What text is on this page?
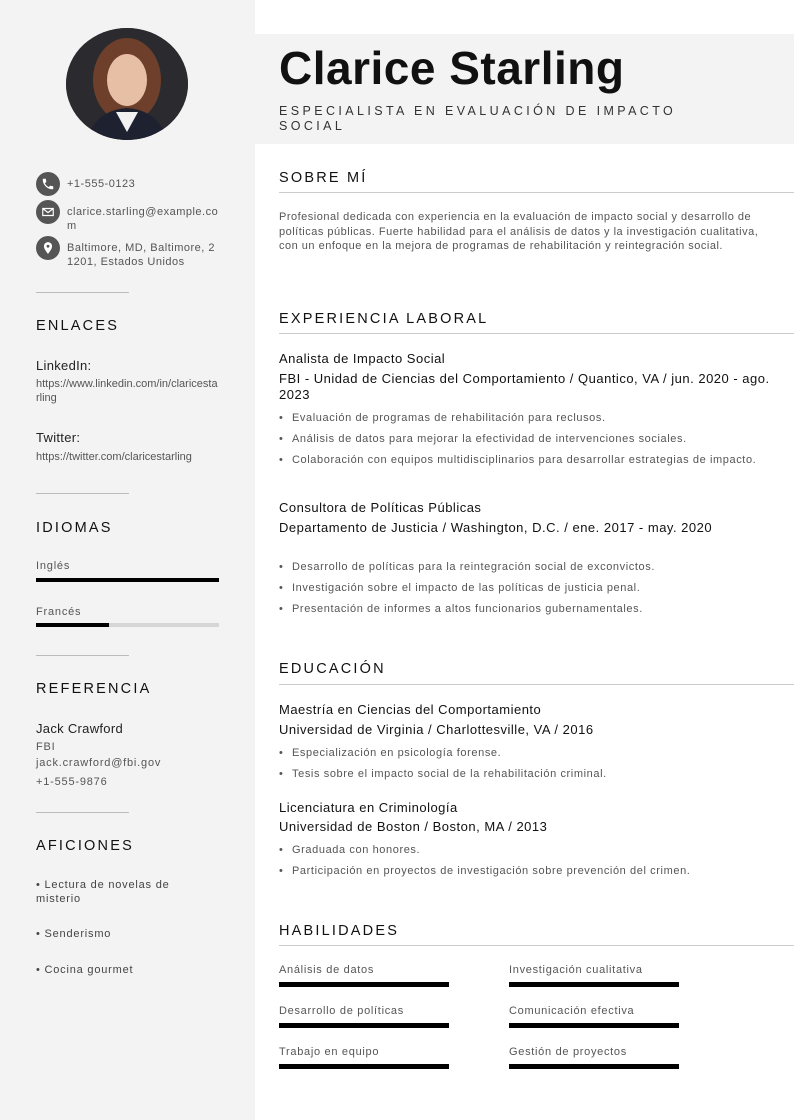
+1-555-0123
clarice.starling@example.com
Baltimore, MD, Baltimore, 21201, Estados Unidos
ENLACES
LinkedIn:
https://www.linkedin.com/in/claricestarling
Twitter:
https://twitter.com/claricestarling
IDIOMAS
Inglés
Francés
REFERENCIA
Jack Crawford
FBI
jack.crawford@fbi.gov
+1-555-9876
AFICIONES
• Lectura de novelas de misterio
• Senderismo
• Cocina gourmet
Clarice Starling
ESPECIALISTA EN EVALUACIÓN DE IMPACTO SOCIAL
SOBRE MÍ
Profesional dedicada con experiencia en la evaluación de impacto social y desarrollo de políticas públicas. Fuerte habilidad para el análisis de datos y la investigación cualitativa, con un enfoque en la mejora de programas de rehabilitación y reintegración social.
EXPERIENCIA LABORAL
Analista de Impacto Social
FBI - Unidad de Ciencias del Comportamiento / Quantico, VA / jun. 2020 - ago. 2023
• Evaluación de programas de rehabilitación para reclusos.
• Análisis de datos para mejorar la efectividad de intervenciones sociales.
• Colaboración con equipos multidisciplinarios para desarrollar estrategias de impacto.
Consultora de Políticas Públicas
Departamento de Justicia / Washington, D.C. / ene. 2017 - may. 2020
• Desarrollo de políticas para la reintegración social de exconvictos.
• Investigación sobre el impacto de las políticas de justicia penal.
• Presentación de informes a altos funcionarios gubernamentales.
EDUCACIÓN
Maestría en Ciencias del Comportamiento
Universidad de Virginia / Charlottesville, VA / 2016
• Especialización en psicología forense.
• Tesis sobre el impacto social de la rehabilitación criminal.
Licenciatura en Criminología
Universidad de Boston / Boston, MA / 2013
• Graduada con honores.
• Participación en proyectos de investigación sobre prevención del crimen.
HABILIDADES
Análisis de datos	Investigación cualitativa
Desarrollo de políticas	Comunicación efectiva
Trabajo en equipo	Gestión de proyectos
